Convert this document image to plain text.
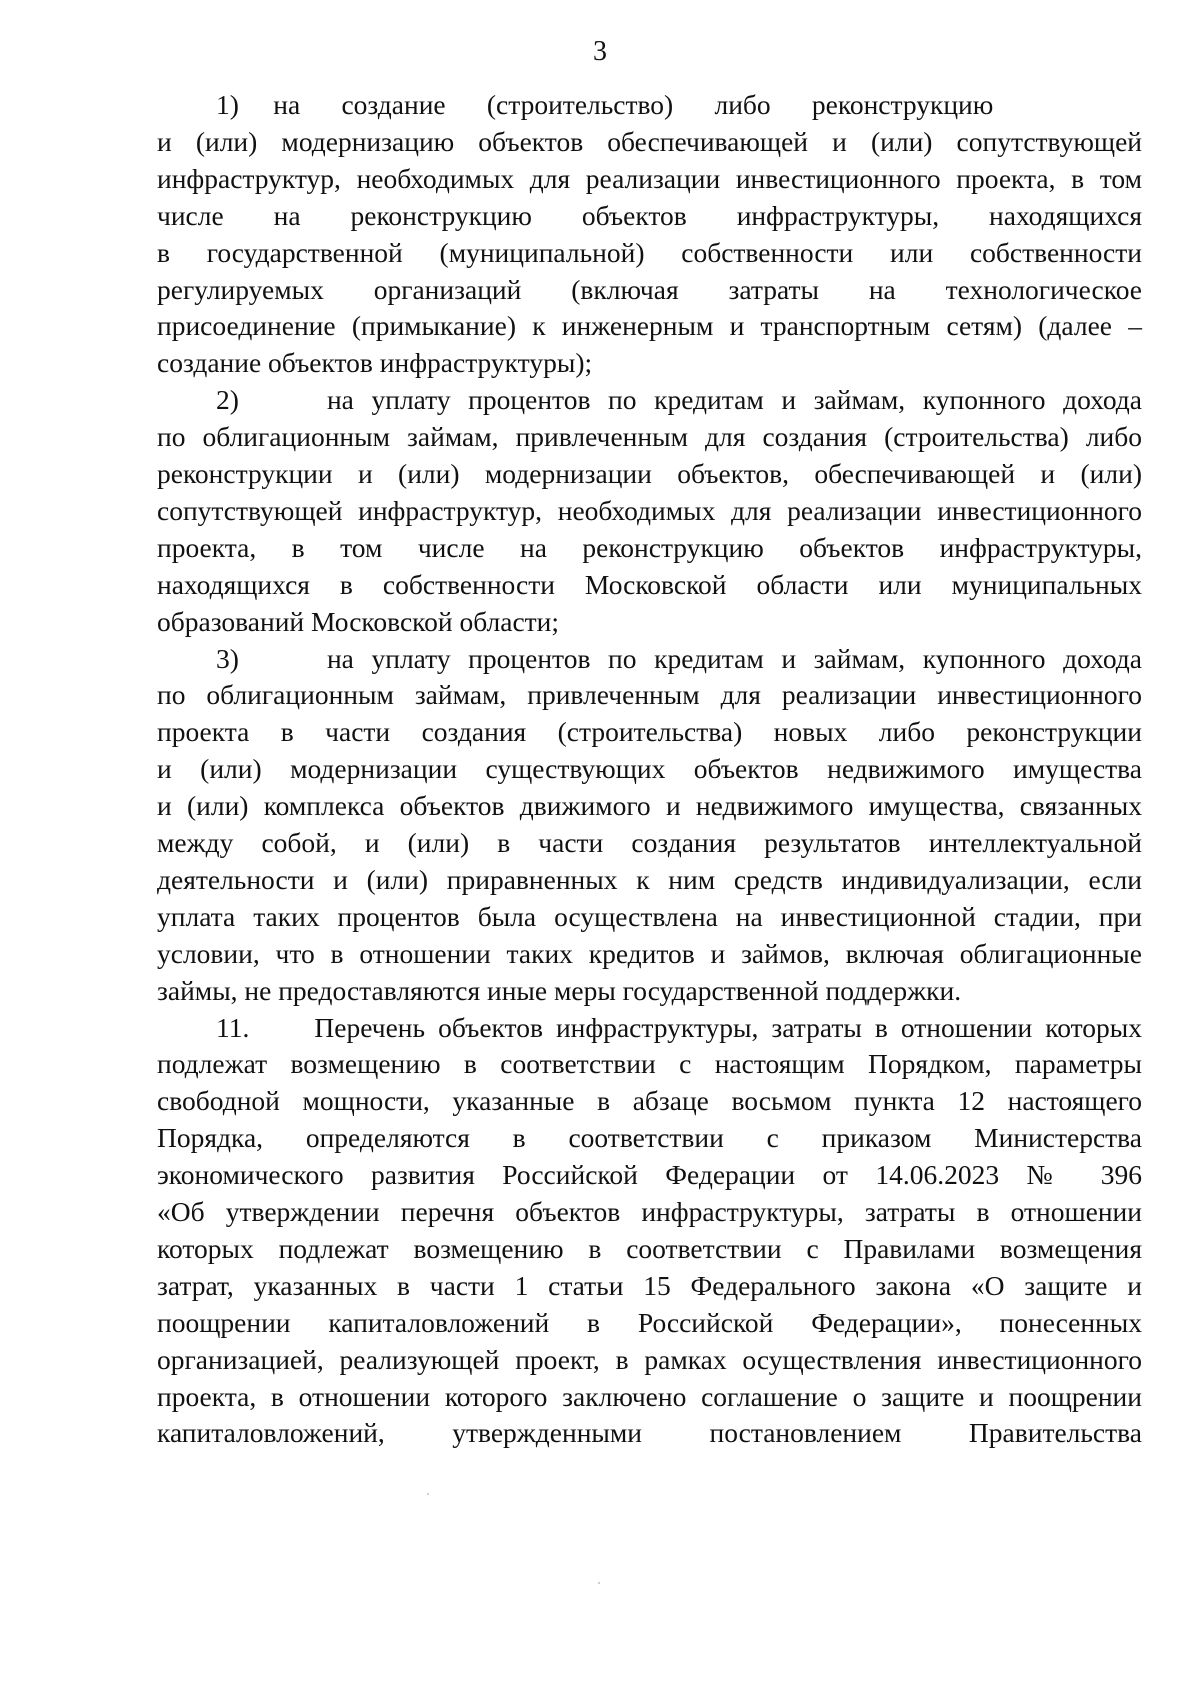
3
1)     на      создание      (строительство)      либо      реконструкцию
и (или) модернизацию объектов обеспечивающей и (или) сопутствующей
инфраструктур, необходимых для реализации инвестиционного проекта, в том
числе на реконструкцию объектов инфраструктуры, находящихся
в государственной (муниципальной) собственности или собственности
регулируемых организаций (включая затраты на технологическое
присоединение (примыкание) к инженерным и транспортным сетям) (далее –
создание объектов инфраструктуры);
2)     на уплату процентов по кредитам и займам, купонного дохода
по облигационным займам, привлеченным для создания (строительства) либо
реконструкции и (или) модернизации объектов, обеспечивающей и (или)
сопутствующей инфраструктур, необходимых для реализации инвестиционного
проекта, в том числе на реконструкцию объектов инфраструктуры,
находящихся в собственности Московской области или муниципальных
образований Московской области;
3)     на уплату процентов по кредитам и займам, купонного дохода
по облигационным займам, привлеченным для реализации инвестиционного
проекта в части создания (строительства) новых либо реконструкции
и (или) модернизации существующих объектов недвижимого имущества
и (или) комплекса объектов движимого и недвижимого имущества, связанных
между собой, и (или) в части создания результатов интеллектуальной
деятельности и (или) приравненных к ним средств индивидуализации, если
уплата таких процентов была осуществлена на инвестиционной стадии, при
условии, что в отношении таких кредитов и займов, включая облигационные
займы, не предоставляются иные меры государственной поддержки.
11.     Перечень объектов инфраструктуры, затраты в отношении которых
подлежат возмещению в соответствии с настоящим Порядком, параметры
свободной мощности, указанные в абзаце восьмом пункта 12 настоящего
Порядка, определяются в соответствии с приказом Министерства
экономического развития Российской Федерации от 14.06.2023 № 396
«Об утверждении перечня объектов инфраструктуры, затраты в отношении
которых подлежат возмещению в соответствии с Правилами возмещения
затрат, указанных в части 1 статьи 15 Федерального закона «О защите и
поощрении капиталовложений в Российской Федерации», понесенных
организацией, реализующей проект, в рамках осуществления инвестиционного
проекта, в отношении которого заключено соглашение о защите и поощрении
капиталовложений, утвержденными постановлением Правительства
